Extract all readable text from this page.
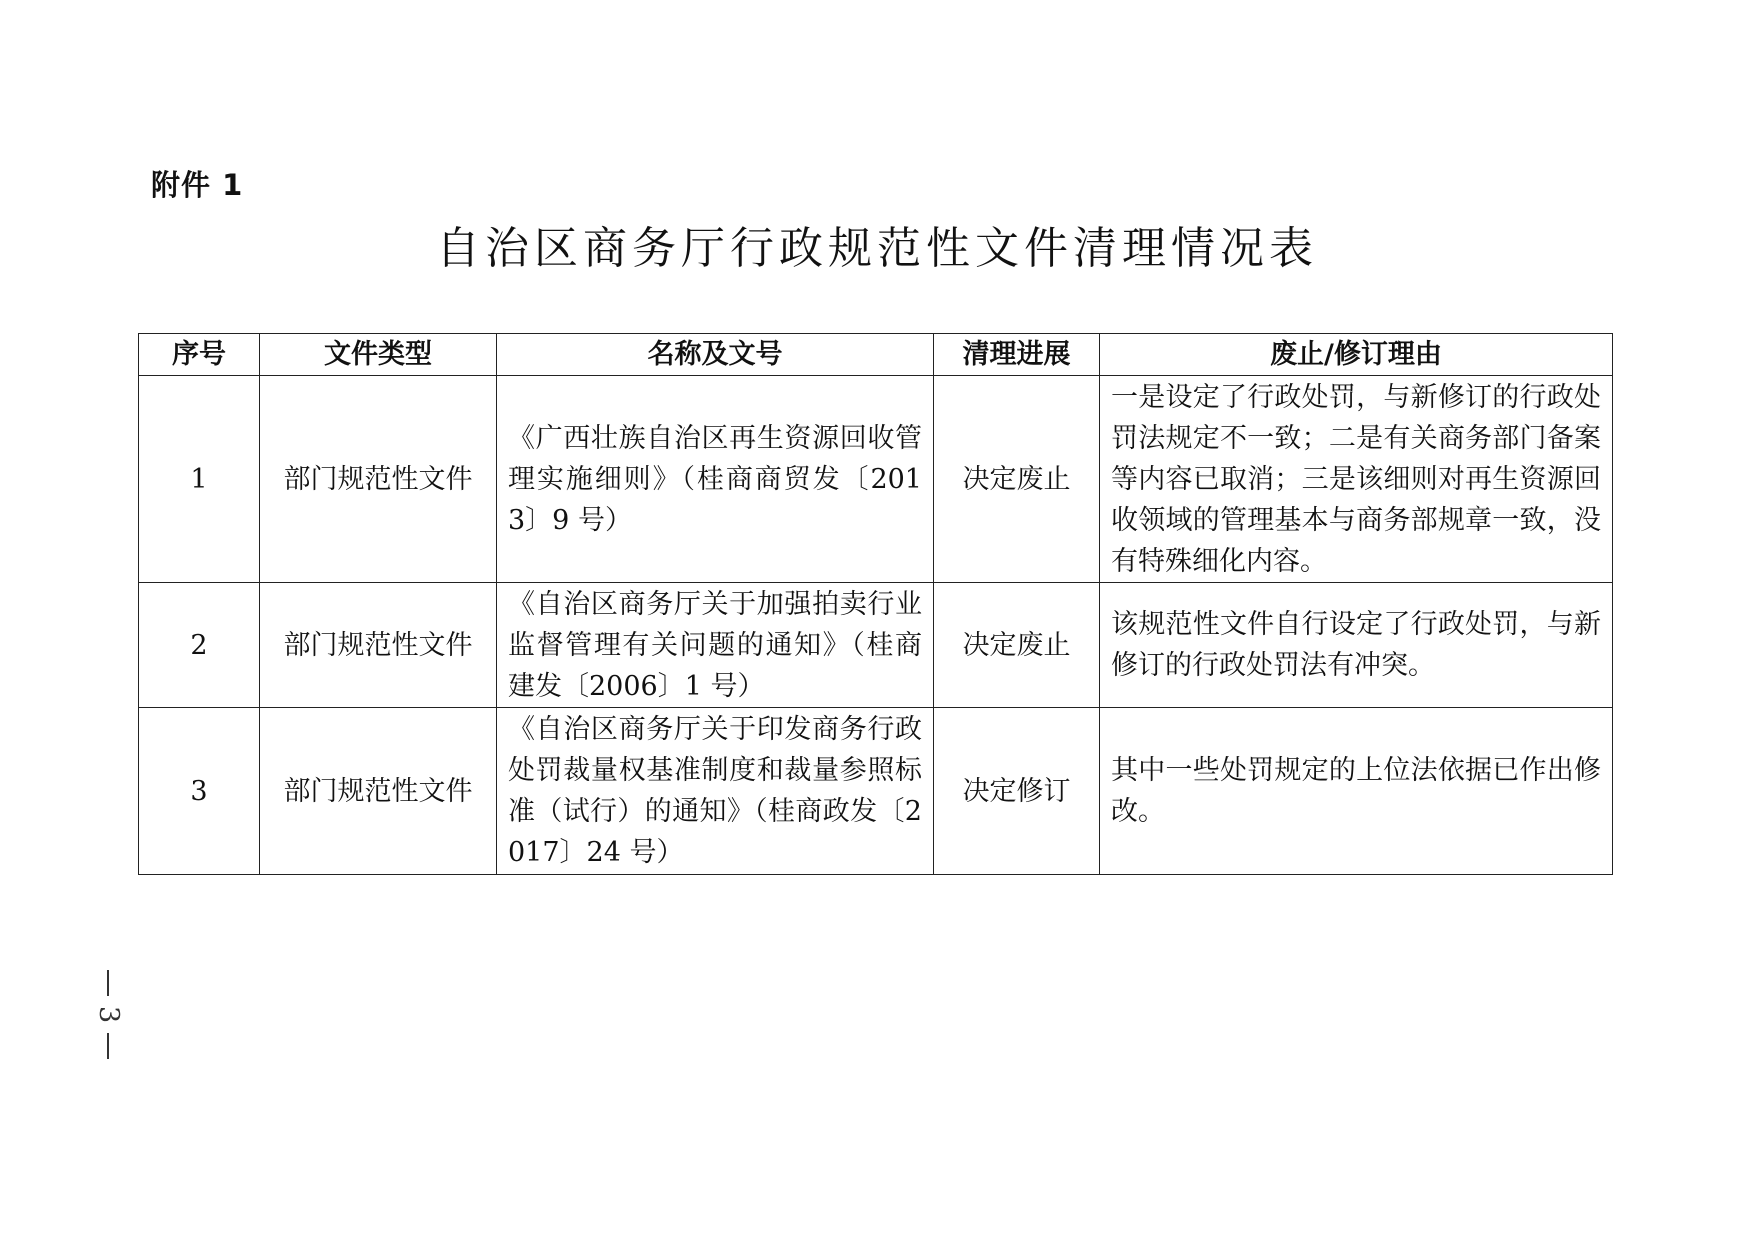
附件 1
自治区商务厅行政规范性文件清理情况表
序号	文件类型	名称及文号	清理进展	废止/修订理由
1	部门规范性文件	《广西壮族自治区再生资源回收管理实施细则》（桂商商贸发〔2013〕9 号）	决定废止	一是设定了行政处罚，与新修订的行政处罚法规定不一致；二是有关商务部门备案等内容已取消；三是该细则对再生资源回收领域的管理基本与商务部规章一致，没有特殊细化内容。
2	部门规范性文件	《自治区商务厅关于加强拍卖行业监督管理有关问题的通知》（桂商建发〔2006〕1 号）	决定废止	该规范性文件自行设定了行政处罚，与新修订的行政处罚法有冲突。
3	部门规范性文件	《自治区商务厅关于印发商务行政处罚裁量权基准制度和裁量参照标准（试行）的通知》（桂商政发〔2017〕24 号）	决定修订	其中一些处罚规定的上位法依据已作出修改。
3
